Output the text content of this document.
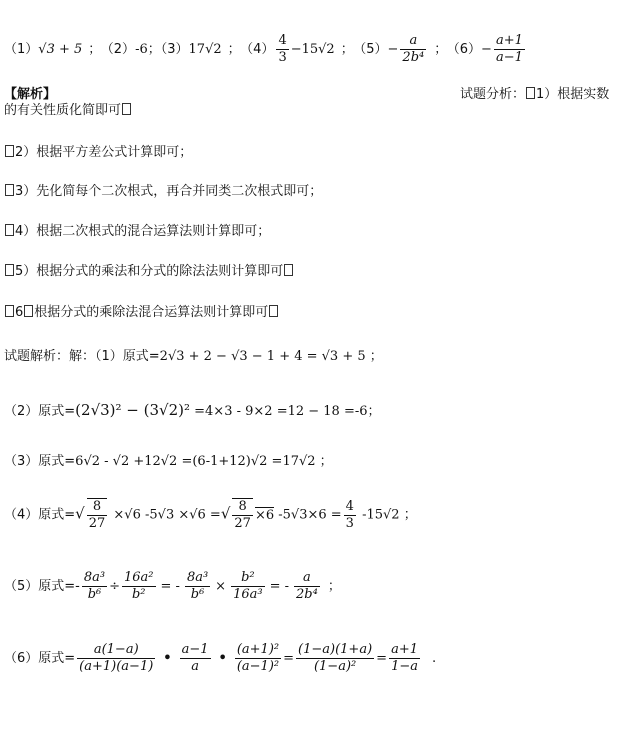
（1）√3 + 5 ； （2）-6；（3）17√2 ； $(4) \frac{4}{3} -15√2$ ； $(5)- \frac{a}{\text{2b⁴}}$ ； $(6)- \frac{a+1}{a-1}$
【解析】	试题分析： 1）根据实数
的有关性质化简即可
2）根据平方差公式计算即可；
3）先化简每个二次根式，再合并同类二次根式即可；
4）根据二次根式的混合运算法则计算即可；
5）根据分式的乘法和分式的除法法则计算即可
6 根据分式的乘除法混合运算法则计算即可
试题解析：解：（1）原式=2√3 + 2 − √3 − 1 + 4 = √3 + 5 ；
（2）原式=(2√3)² − (3√2)² =4×3 - 9×2 =12 − 18 =-6；
（3）原式=6√2 - √2 +12√2 =(6-1+12)√2 =17√2 ；
（4）原式=√ $\frac{8}{27} \times√6$ -5√3 ×√6 =√ $\frac{8}{27} \times 6$ $-5√3\times 6 = \frac{4}{3} -15√2$ ；
（5）原式=- $\frac{\text{8a³}}{\text{b⁶}} \div \frac{\text{16a²}}{\text{b²}}$ = - $\frac{\text{8a³}}{\text{b⁶}} \times \frac{\text{b²}}{\text{16a³}}$ = - $\frac{a}{\text{2b⁴}}$ ；
（6）原式= $\frac{a(1-a)}{(a+1)(a-1)}$ • $\frac{a-1}{a}$ • $\frac{\text{(a+1)²}}{\text{(a−1)²}} = \frac{(1-a)(1+a)}{\text{(1−a)²}} = \frac{a+1}{1-a}$ .
